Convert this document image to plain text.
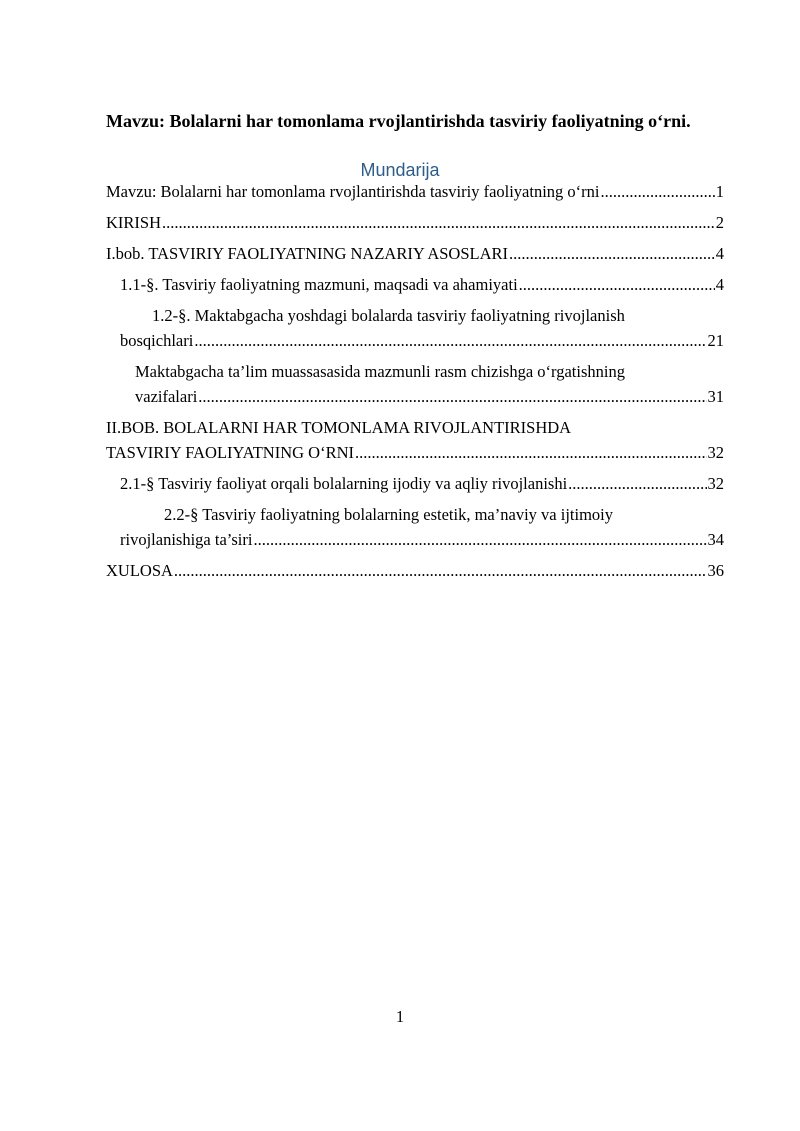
Mavzu: Bolalarni har tomonlama rvojlantirishda tasviriy faoliyatning o‘rni.
Mundarija
Mavzu: Bolalarni har tomonlama rvojlantirishda tasviriy faoliyatning o‘rni .....	1
KIRISH .....	2
I.bob. TASVIRIY FAOLIYATNING NAZARIY ASOSLARI .....	4
1.1-§. Tasviriy faoliyatning mazmuni, maqsadi va ahamiyati .....	4
1.2-§. Maktabgacha yoshdagi bolalarda tasviriy faoliyatning rivojlanish
bosqichlari .....	21
Maktabgacha ta’lim muassasasida mazmunli rasm chizishga o‘rgatishning
vazifalari .....	31
II.BOB. BOLALARNI HAR TOMONLAMA RIVOJLANTIRISHDA
TASVIRIY FAOLIYATNING O‘RNI .....	32
2.1-§ Tasviriy faoliyat orqali bolalarning ijodiy va aqliy rivojlanishi .....	32
2.2-§ Tasviriy faoliyatning bolalarning estetik, ma’naviy va ijtimoiy
rivojlanishiga ta’siri .....	34
XULOSA .....	36
1
